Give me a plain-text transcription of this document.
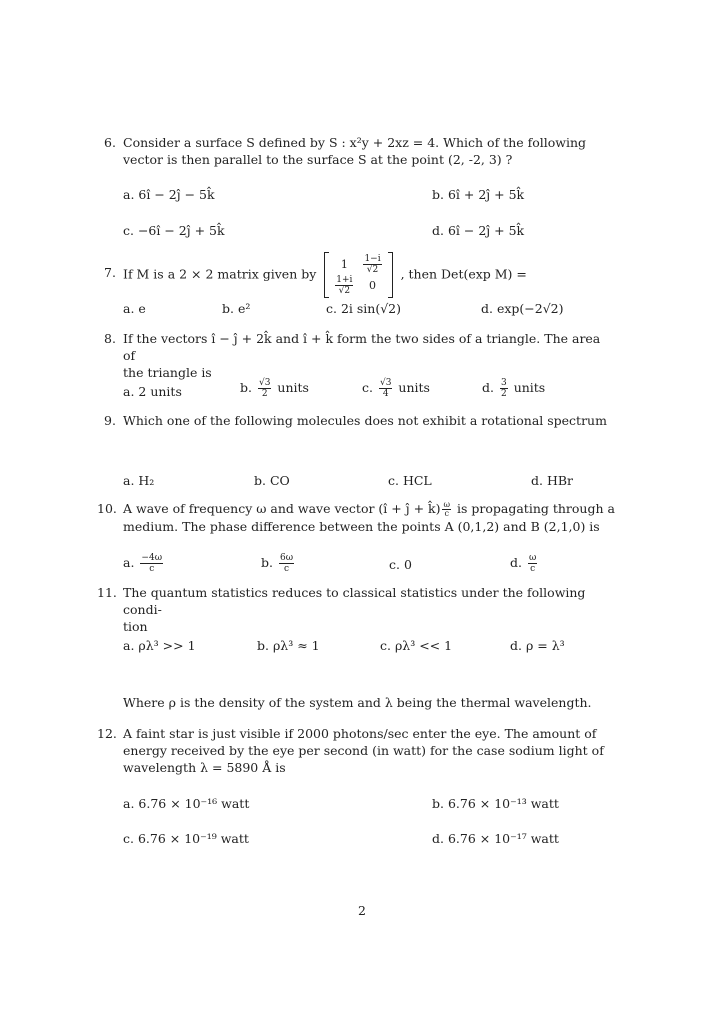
6. Consider a surface S defined by S : x²y + 2xz = 4. Which of the following
vector is then parallel to the surface S at the point (2, -2, 3) ?
a. 6î − 2ĵ − 5k̂	b. 6î + 2ĵ + 5k̂
c. −6î − 2ĵ + 5k̂	d. 6î − 2ĵ + 5k̂
7. If M is a 2 × 2 matrix given by
1	$\frac{1-i}{√2}$

$\frac{1+i}{√2}$	0
, then Det(exp M) =
a. e	b. e²	c. 2i sin(√2)	d. exp(−2√2)
8. If the vectors î − ĵ + 2k̂ and î + k̂ form the two sides of a triangle. The area of
the triangle is
a. 2 units	b. $\frac{√3}{2}$ units	c. $\frac{√3}{4}$ units	d. $\frac{3}{2}$ units
9. Which one of the following molecules does not exhibit a rotational spectrum
a. H₂	b. CO	c. HCL	d. HBr
10. A wave of frequency ω and wave vector (î + ĵ + k̂) $\frac{\omega}{c}$ is propagating through a
medium. The phase difference between the points A (0,1,2) and B (2,1,0) is
a. $\frac{-4\omega}{c}$	b. $\frac{6\omega}{c}$	c. 0	d. $\frac{\omega}{c}$
11. The quantum statistics reduces to classical statistics under the following condi-
tion
a. ρλ³ >> 1	b. ρλ³ ≈ 1	c. ρλ³ << 1	d. ρ = λ³
Where ρ is the density of the system and λ being the thermal wavelength.
12. A faint star is just visible if 2000 photons/sec enter the eye. The amount of
energy received by the eye per second (in watt) for the case sodium light of
wavelength λ = 5890 Å is
a. 6.76 × 10⁻¹⁶ watt	b. 6.76 × 10⁻¹³ watt
c. 6.76 × 10⁻¹⁹ watt	d. 6.76 × 10⁻¹⁷ watt
2
